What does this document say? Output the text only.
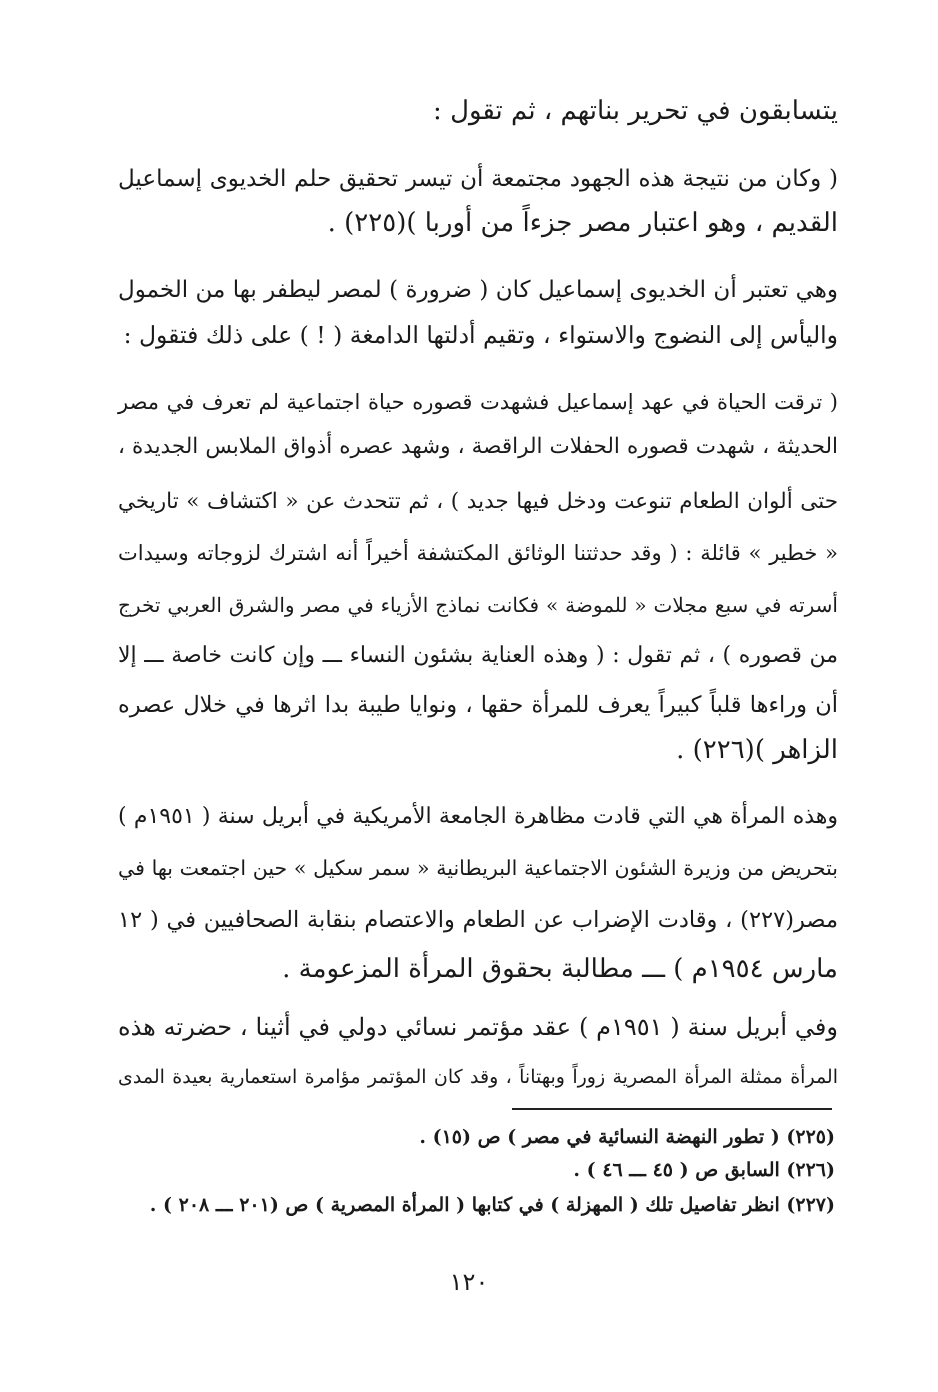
يتسابقون في تحرير بناتهم ، ثم تقول :
( وكان من نتيجة هذه الجهود مجتمعة أن تيسر تحقيق حلم الخديوى إسماعيل
القديم ، وهو اعتبار مصر جزءاً من أوربا )(٢٢٥) .
وهي تعتبر أن الخديوى إسماعيل كان ( ضرورة ) لمصر ليطفر بها من الخمول
واليأس إلى النضوج والاستواء ، وتقيم أدلتها الدامغة ( ! ) على ذلك فتقول :
( ترقت الحياة في عهد إسماعيل فشهدت قصوره حياة اجتماعية لم تعرف في مصر
الحديثة ، شهدت قصوره الحفلات الراقصة ، وشهد عصره أذواق الملابس الجديدة ،
حتى ألوان الطعام تنوعت ودخل فيها جديد ) ، ثم تتحدث عن « اكتشاف » تاريخي
« خطير » قائلة : ( وقد حدثتنا الوثائق المكتشفة أخيراً أنه اشترك لزوجاته وسيدات
أسرته في سبع مجلات « للموضة » فكانت نماذج الأزياء في مصر والشرق العربي تخرج
من قصوره ) ، ثم تقول : ( وهذه العناية بشئون النساء ـــ وإن كانت خاصة ـــ إلا
أن وراءها قلباً كبيراً يعرف للمرأة حقها ، ونوايا طيبة بدا اثرها في خلال عصره
الزاهر )(٢٢٦) .
وهذه المرأة هي التي قادت مظاهرة الجامعة الأمريكية في أبريل سنة ( ١٩٥١م )
بتحريض من وزيرة الشئون الاجتماعية البريطانية « سمر سكيل » حين اجتمعت بها في
مصر(٢٢٧) ، وقادت الإضراب عن الطعام والاعتصام بنقابة الصحافيين في ( ١٢
مارس ١٩٥٤م ) ـــ مطالبة بحقوق المرأة المزعومة .
وفي أبريل سنة ( ١٩٥١م ) عقد مؤتمر نسائي دولي في أثينا ، حضرته هذه
المرأة ممثلة المرأة المصرية زوراً وبهتاناً ، وقد كان المؤتمر مؤامرة استعمارية بعيدة المدى
(٢٢٥) ( تطور النهضة النسائية في مصر ) ص (١٥) .
(٢٢٦) السابق ص ( ٤٥ ـــ ٤٦ ) .
(٢٢٧) انظر تفاصيل تلك ( المهزلة ) في كتابها ( المرأة المصرية ) ص (٢٠١ ـــ ٢٠٨ ) .
١٢٠
